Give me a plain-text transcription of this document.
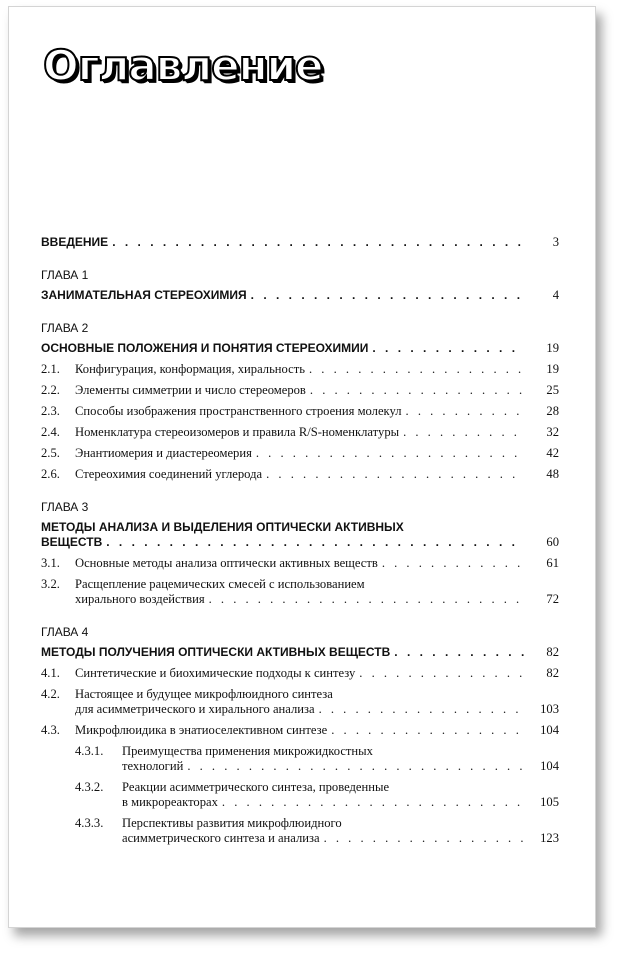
Оглавление
ВВЕДЕНИЕ . . .	3
ГЛАВА 1
ЗАНИМАТЕЛЬНАЯ СТЕРЕОХИМИЯ . . .	4
ГЛАВА 2
ОСНОВНЫЕ ПОЛОЖЕНИЯ И ПОНЯТИЯ СТЕРЕОХИМИИ . . .	19
2.1.	Конфигурация, конформация, хиральность . . .	19
2.2.	Элементы симметрии и число стереомеров . . .	25
2.3.	Способы изображения пространственного строения молекул . . .	28
2.4.	Номенклатура стереоизомеров и правила R/S-номенклатуры . . .	32
2.5.	Энантиомерия и диастереомерия . . .	42
2.6.	Стереохимия соединений углерода . . .	48
ГЛАВА 3
МЕТОДЫ АНАЛИЗА И ВЫДЕЛЕНИЯ ОПТИЧЕСКИ АКТИВНЫХ
ВЕЩЕСТВ . . .	60
3.1.	Основные методы анализа оптически активных веществ . . .	61
3.2.	Расщепление рацемических смесей с использованием
хирального воздействия . . .	72
ГЛАВА 4
МЕТОДЫ ПОЛУЧЕНИЯ ОПТИЧЕСКИ АКТИВНЫХ ВЕЩЕСТВ . . .	82
4.1.	Синтетические и биохимические подходы к синтезу . . .	82
4.2.	Настоящее и будущее микрофлюидного синтеза
для асимметрического и хирального анализа . . .	103
4.3.	Микрофлюидика в энатиоселективном синтезе . . .	104
4.3.1.	Преимущества применения микрожидкостных
технологий . . .	104
4.3.2.	Реакции асимметрического синтеза, проведенные
в микрореакторах . . .	105
4.3.3.	Перспективы развития микрофлюидного
асимметрического синтеза и анализа . . .	123
